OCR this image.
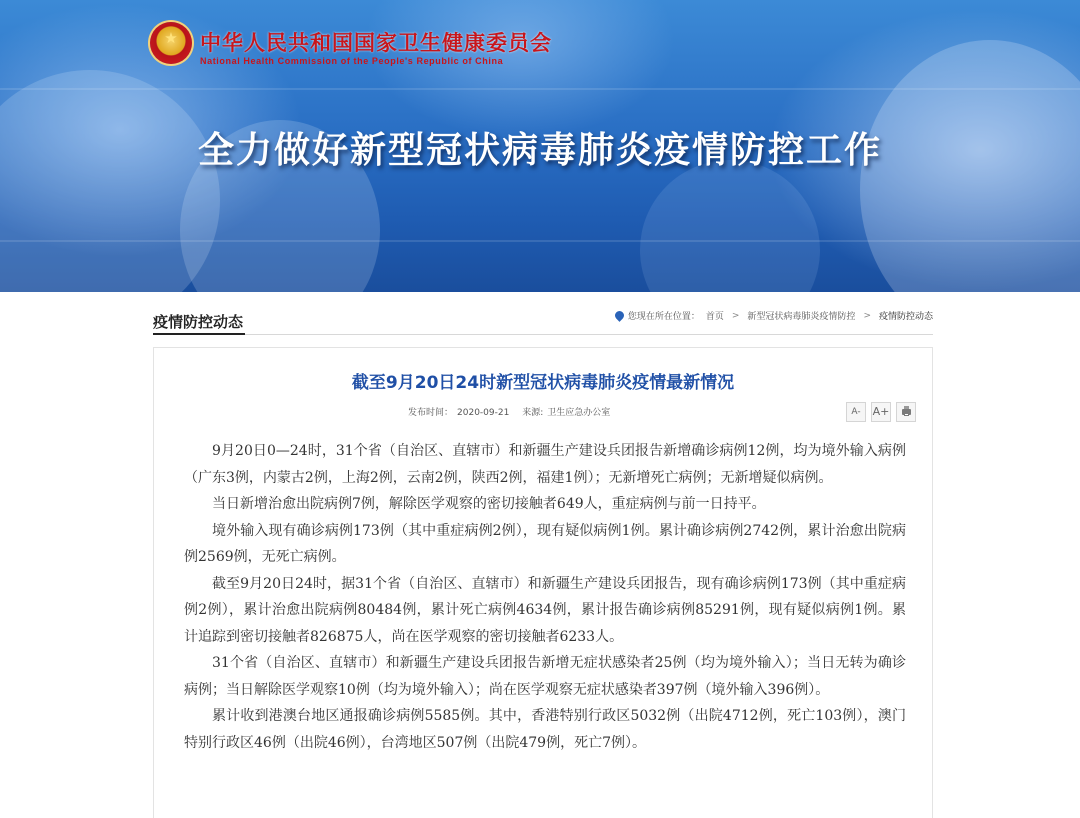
★ 中华人民共和国国家卫生健康委员会
National Health Commission of the People's Republic of China
全力做好新型冠状病毒肺炎疫情防控工作
疫情防控动态	您现在所在位置： 首页 > 新型冠状病毒肺炎疫情防控 > 疫情防控动态
截至9月20日24时新型冠状病毒肺炎疫情最新情况
发布时间： 2020-09-21 来源: 卫生应急办公室	A-	A+

9月20日0—24时，31个省（自治区、直辖市）和新疆生产建设兵团报告新增确诊病例12例，均为境外输入病例（广东3例，内蒙古2例，上海2例，云南2例，陕西2例，福建1例）；无新增死亡病例；无新增疑似病例。

当日新增治愈出院病例7例，解除医学观察的密切接触者649人，重症病例与前一日持平。

境外输入现有确诊病例173例（其中重症病例2例），现有疑似病例1例。累计确诊病例2742例，累计治愈出院病例2569例，无死亡病例。

截至9月20日24时，据31个省（自治区、直辖市）和新疆生产建设兵团报告，现有确诊病例173例（其中重症病例2例），累计治愈出院病例80484例，累计死亡病例4634例，累计报告确诊病例85291例，现有疑似病例1例。累计追踪到密切接触者826875人，尚在医学观察的密切接触者6233人。

31个省（自治区、直辖市）和新疆生产建设兵团报告新增无症状感染者25例（均为境外输入）；当日无转为确诊病例；当日解除医学观察10例（均为境外输入）；尚在医学观察无症状感染者397例（境外输入396例）。

累计收到港澳台地区通报确诊病例5585例。其中，香港特别行政区5032例（出院4712例，死亡103例），澳门特别行政区46例（出院46例），台湾地区507例（出院479例，死亡7例）。
